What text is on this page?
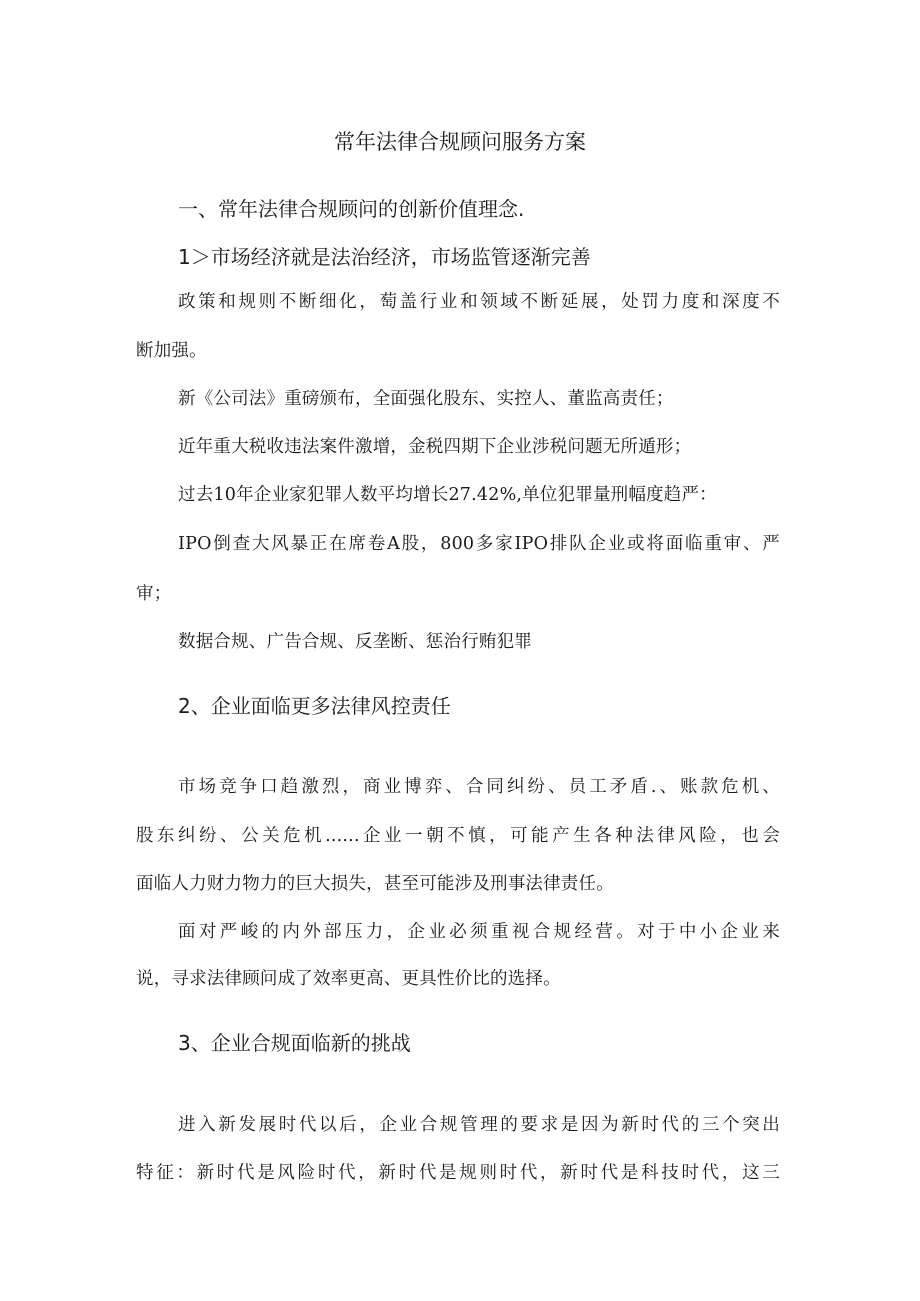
常年法律合规顾问服务方案
一、常年法律合规顾问的创新价值理念.
1＞市场经济就是法治经济，市场监管逐渐完善
政策和规则不断细化，萄盖行业和领域不断延展，处罚力度和深度不
断加强。
新《公司法》重磅颁布，全面强化股东、实控人、董监高责任；
近年重大税收违法案件激增，金税四期下企业涉税问题无所遁形；
过去10年企业家犯罪人数平均增长27.42%,单位犯罪量刑幅度趋严：
IPO倒查大风暴正在席卷A股，800多家IPO排队企业或将面临重审、严
审；
数据合规、广告合规、反垄断、惩治行贿犯罪
2、企业面临更多法律风控责任
市场竞争口趋激烈，商业博弈、合同纠纷、员工矛盾.、账款危机、
股东纠纷、公关危机......企业一朝不慎，可能产生各种法律风险，也会
面临人力财力物力的巨大损失，甚至可能涉及刑事法律责任。
面对严峻的内外部压力，企业必须重视合规经营。对于中小企业来
说，寻求法律顾问成了效率更高、更具性价比的选择。
3、企业合规面临新的挑战
进入新发展时代以后，企业合规管理的要求是因为新时代的三个突出
特征：新时代是风险时代，新时代是规则时代，新时代是科技时代，这三
